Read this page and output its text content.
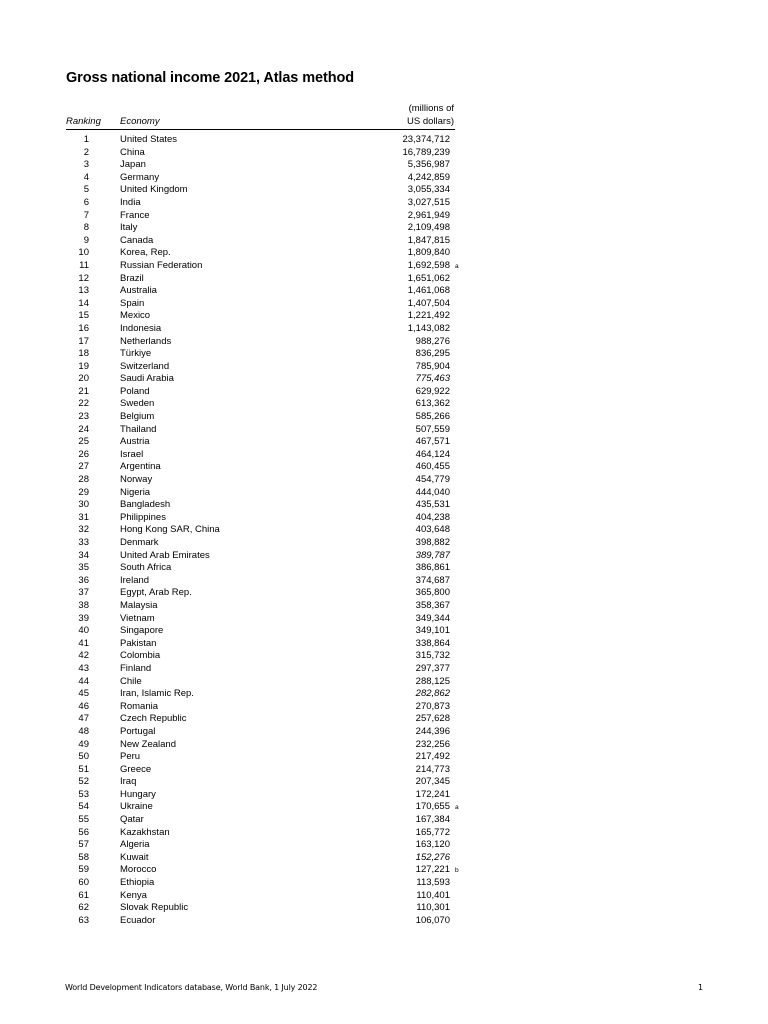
Gross national income 2021, Atlas method
(millions of
US dollars)
Ranking Economy
1	United States	23,374,712
2	China	16,789,239
3	Japan	5,356,987
4	Germany	4,242,859
5	United Kingdom	3,055,334
6	India	3,027,515
7	France	2,961,949
8	Italy	2,109,498
9	Canada	1,847,815
10	Korea, Rep.	1,809,840
11	Russian Federation	1,692,598 a
12	Brazil	1,651,062
13	Australia	1,461,068
14	Spain	1,407,504
15	Mexico	1,221,492
16	Indonesia	1,143,082
17	Netherlands	988,276
18	Türkiye	836,295
19	Switzerland	785,904
20	Saudi Arabia	775,463
21	Poland	629,922
22	Sweden	613,362
23	Belgium	585,266
24	Thailand	507,559
25	Austria	467,571
26	Israel	464,124
27	Argentina	460,455
28	Norway	454,779
29	Nigeria	444,040
30	Bangladesh	435,531
31	Philippines	404,238
32	Hong Kong SAR, China	403,648
33	Denmark	398,882
34	United Arab Emirates	389,787
35	South Africa	386,861
36	Ireland	374,687
37	Egypt, Arab Rep.	365,800
38	Malaysia	358,367
39	Vietnam	349,344
40	Singapore	349,101
41	Pakistan	338,864
42	Colombia	315,732
43	Finland	297,377
44	Chile	288,125
45	Iran, Islamic Rep.	282,862
46	Romania	270,873
47	Czech Republic	257,628
48	Portugal	244,396
49	New Zealand	232,256
50	Peru	217,492
51	Greece	214,773
52	Iraq	207,345
53	Hungary	172,241
54	Ukraine	170,655 a
55	Qatar	167,384
56	Kazakhstan	165,772
57	Algeria	163,120
58	Kuwait	152,276
59	Morocco	127,221 b
60	Ethiopia	113,593
61	Kenya	110,401
62	Slovak Republic	110,301
63	Ecuador	106,070
World Development Indicators database, World Bank, 1 July 2022	1
